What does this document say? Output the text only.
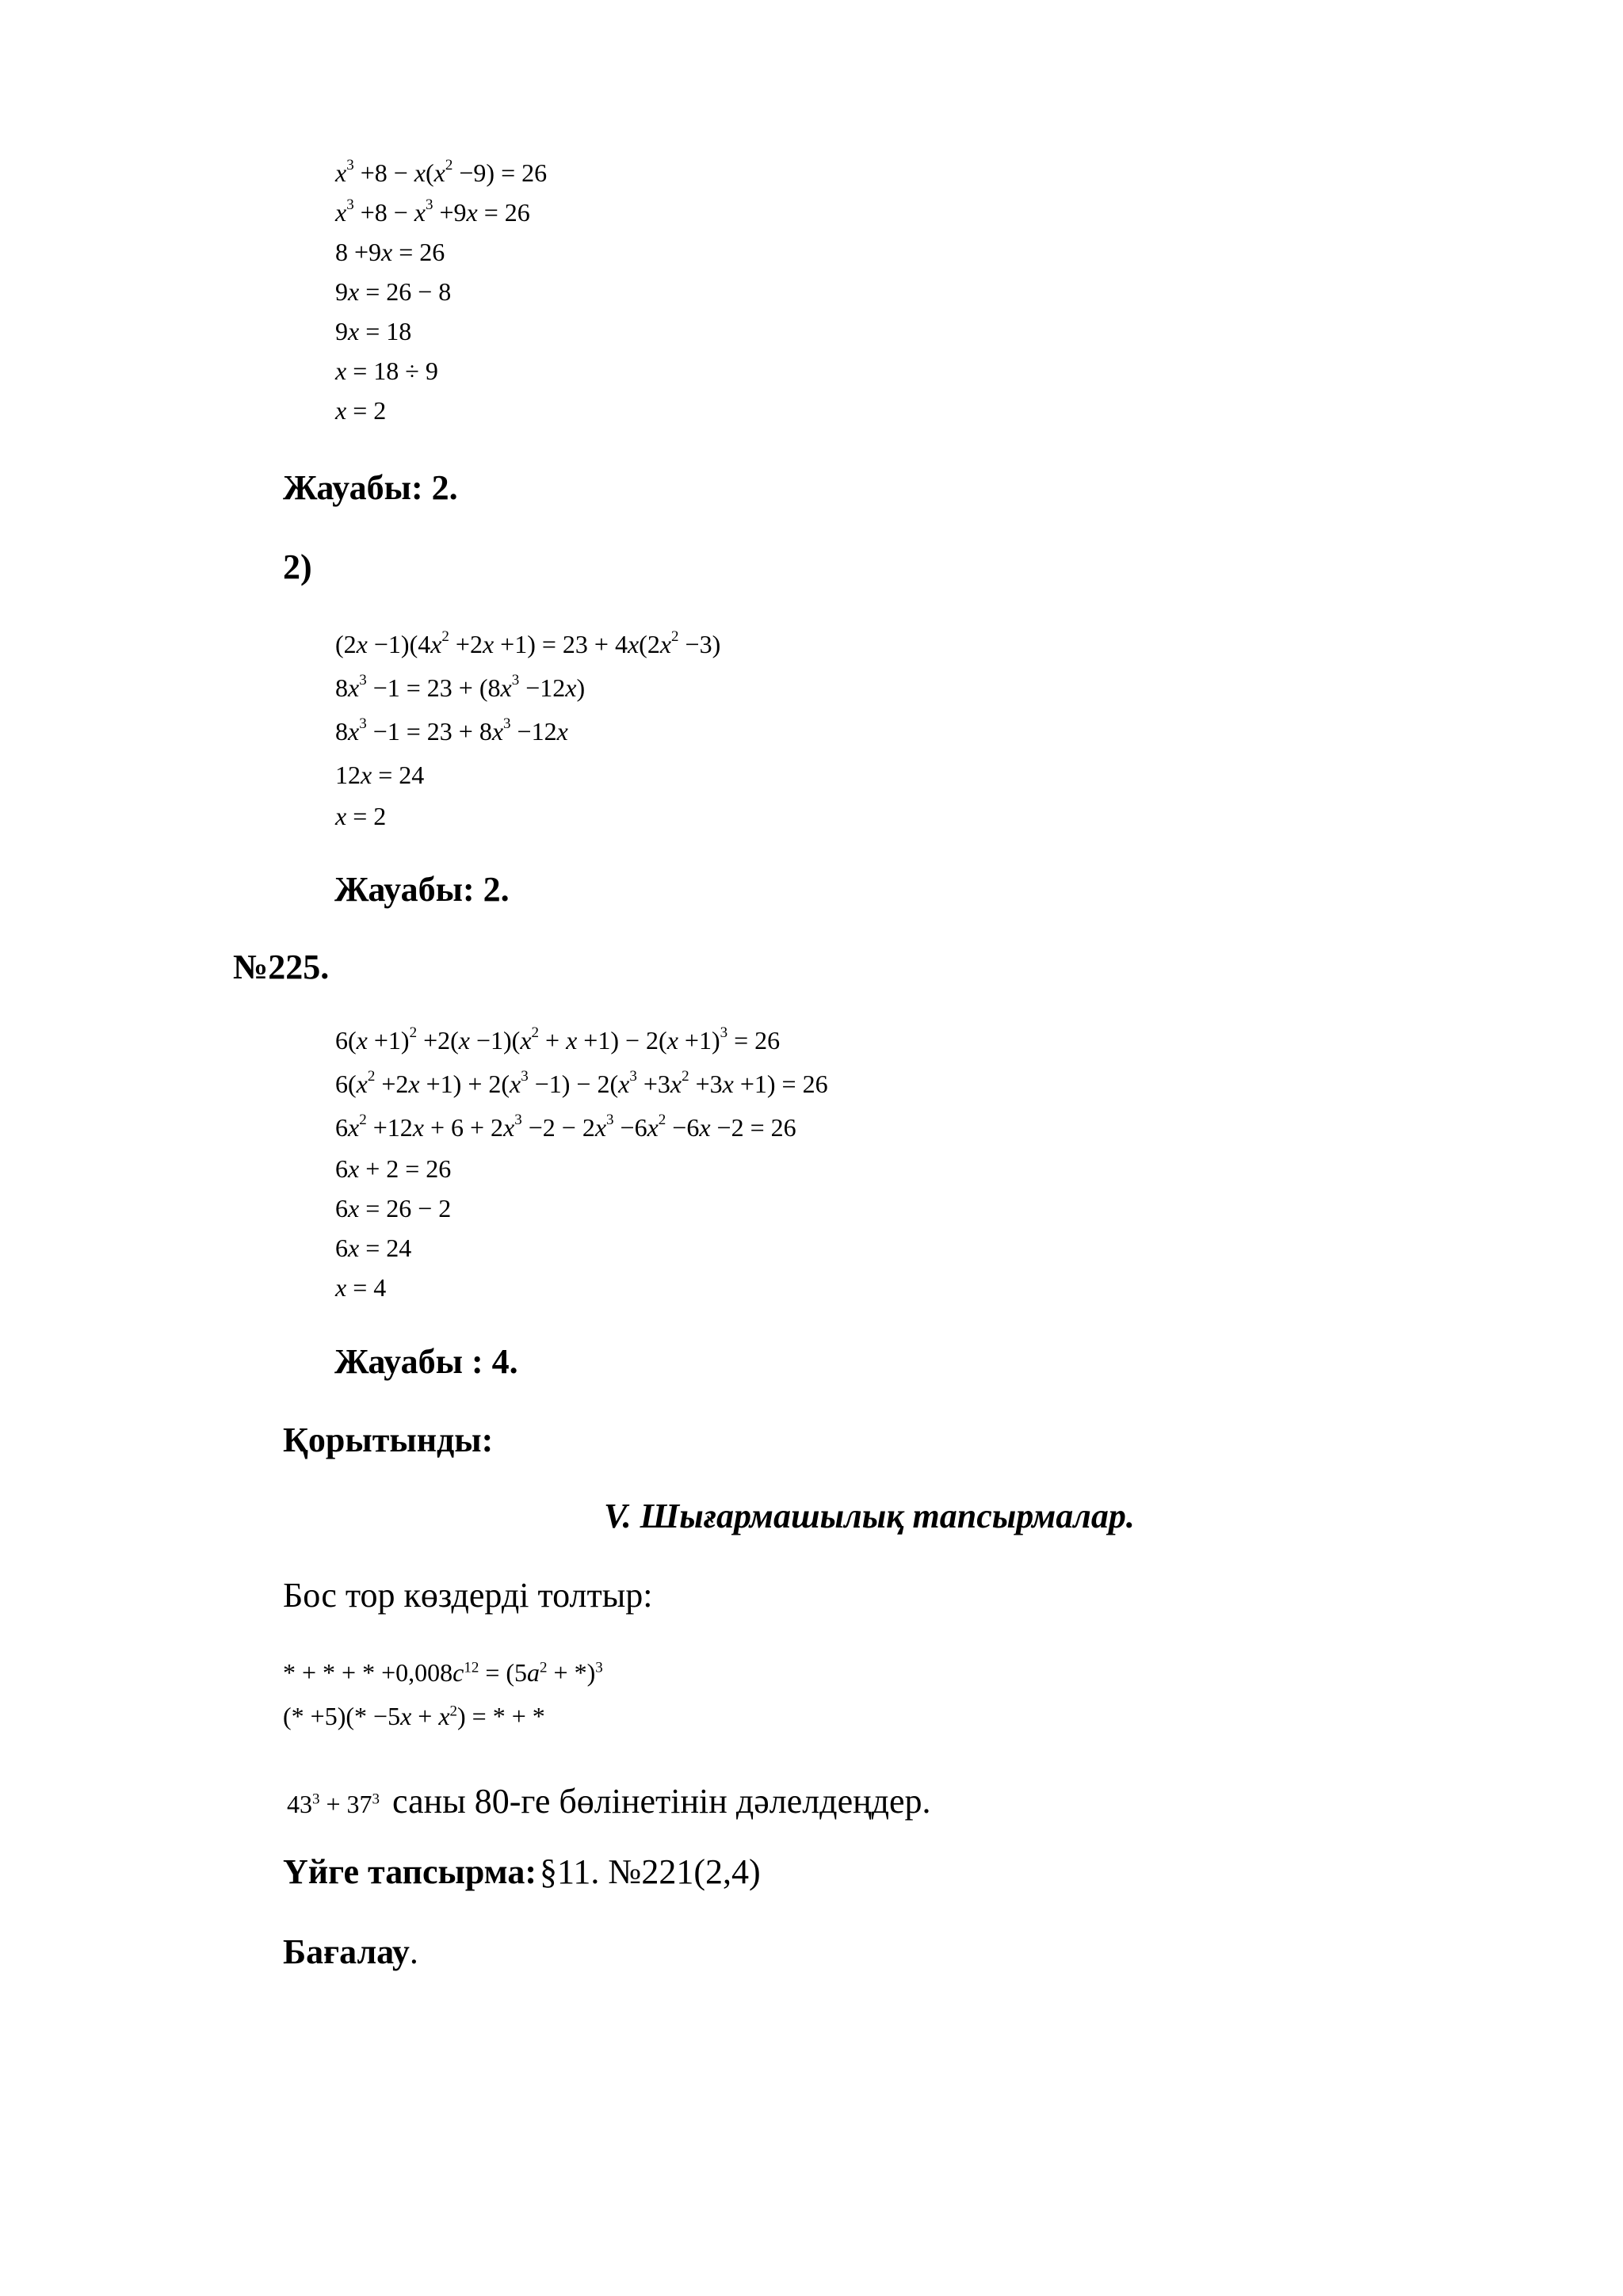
$x^3 +8 - x(x^2 -9) = 26$
$x^3 +8 - x^3 +9x = 26$
8 +9x = 26
9x = 26 − 8
9x = 18
x = 18 ÷ 9
x = 2
Жауабы: 2.
2)
$(2x -1)(4x^2 +2x +1) = 23 + 4x(2x^2 -3)$
$8x^3 -1 = 23 + (8x^3 -12x)$
$8x^3 -1 = 23 + 8x^3 -12x$
12x = 24
x = 2
Жауабы: 2.
№225.
$6(x +1)^2 +2(x -1)(x^2 + x +1) - 2(x +1)^3 = 26$
$6(x^2 +2x +1) + 2(x^3 -1) - 2(x^3 +3x^2 +3x +1) = 26$
$6x^2 +12x + 6 + 2x^3 -2 - 2x^3 -6x^2 -6x -2 = 26$
6x + 2 = 26
6x = 26 − 2
6x = 24
x = 4
Жауабы : 4.
Қорытынды:
V. Шығармашылық тапсырмалар.
Бос тор көздерді толтыр:
* + * + * $+0,008c^{12} = (5a^2 + *)^3$
(* $+5)(* -5x + x^2)$ = * + *
$43^3 + 37^3$ саны 80-ге бөлінетінін дәлелдеңдер.
Үйге тапсырма: §11. №221(2,4)
Бағалау.
